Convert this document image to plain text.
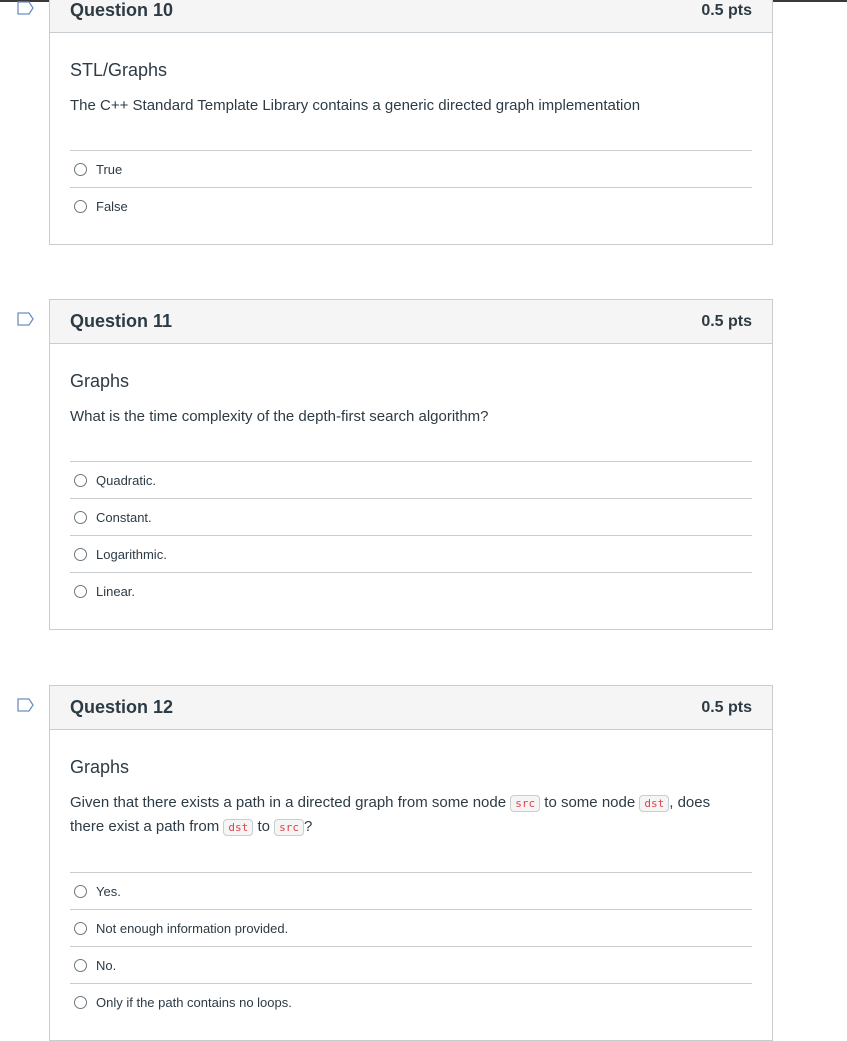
Question 10	0.5 pts
STL/Graphs
The C++ Standard Template Library contains a generic directed graph implementation
True
False
Question 11	0.5 pts
Graphs
What is the time complexity of the depth-first search algorithm?
Quadratic.
Constant.
Logarithmic.
Linear.
Question 12	0.5 pts
Graphs
Given that there exists a path in a directed graph from some node src to some node dst , does there exist a path from dst to src ?
Yes.
Not enough information provided.
No.
Only if the path contains no loops.
